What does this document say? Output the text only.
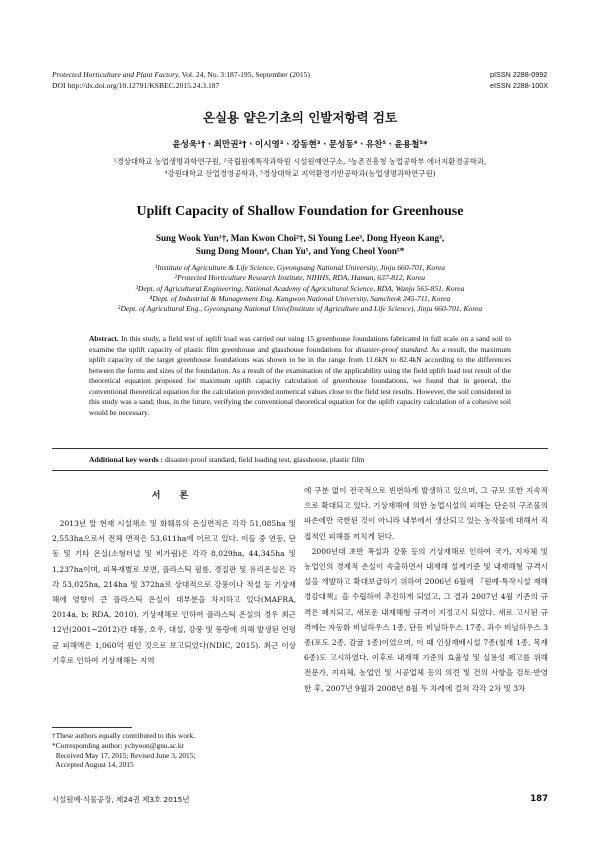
Protected Horticulture and Plant Factory, Vol. 24, No. 3:187-195, September (2015)
DOI http://dx.doi.org/10.12791/KSBEC.2015.24.3.187
pISSN 2288-0992
eISSN 2288-100X
온실용 얕은기초의 인발저항력 검토
윤성욱¹†ㆍ최만권²†ㆍ이시영³ㆍ강동현³ㆍ문성동⁴ㆍ유찬⁵ㆍ윤용철⁵*
¹경상대학교 농업생명과학연구원, ²국립원예특작과학원 시설원예연구소, ³농촌진흥청 농업공학부 에너지환경공학과,
⁴강원대학교 산업경영공학과, ⁵경상대학교 지역환경기반공학과(농업생명과학연구원)
Uplift Capacity of Shallow Foundation for Greenhouse
Sung Wook Yun¹†, Man Kwon Choi²†, Si Young Lee³, Dong Hyeon Kang³,
Sung Dong Moon⁴, Chan Yu⁵, and Yong Cheol Yoon⁵*
¹Institute of Agriculture & Life Science, Gyeongsang National University, Jinju 660-701, Korea
²Protected Horticulture Research Institute, NIHHS, RDA, Haman, 637-812, Korea
³Dept. of Agricultural Engineering, National Academy of Agricultural Science, RDA, Wanju 565-851, Korea
⁴Dept. of Industrial & Management Eng. Kangwon National University, Samcheok 245-711, Korea
⁵Dept. of Agricultural Eng., Gyeongsang National Univ(Institute of Agriculture and Life Science), Jinju 660-701, Korea
Abstract. In this study, a field test of uplift load was carried out using 15 greenhouse foundations fabricated in full scale on a sand soil to examine the uplift capacity of plastic film greenhouse and glasshouse foundations for disaster-proof standard. As a result, the maximum uplift capacity of the target greenhouse foundations was shown to be in the range from 11.6kN to 82.4kN according to the differences between the forms and sizes of the foundation. As a result of the examination of the applicability using the field uplift load test result of the theoretical equation proposed for maximum uplift capacity calculation of greenhouse foundations, we found that in general, the conventional theoretical equation for the calculation provided numerical values close to the field test results. However, the soil considered in this study was a sand; thus, in the future, verifying the conventional theoretical equation for the uplift capacity calculation of a cohesive soil would be necessary.
Additional key words : disaster-proof standard, field loading test, glasshouse, plastic film
서 론

2013년 말 현재 시설채소 및 화훼류의 온실면적은 각각 51,085ha 및 2,553ha으로서 전체 면적은 53,611ha에 이르고 있다. 이들 중 연동, 단동 및 기타 온실(소형터널 및 비가림)은 각각 8,029ha, 44,345ha 및 1,237ha이며, 피복재별로 보면, 플라스틱 필름, 경질판 및 유리온실은 각각 53,025ha, 214ha 및 372ha로 상대적으로 강풍이나 적설 등 기상재해에 영향이 큰 플라스틱 온실이 대부분을 차지하고 있다(MAFRA, 2014a, b; RDA, 2010). 기상재해로 인하여 플라스틱 온실의 경우 최근 12년(2001~2012)간 태풍, 호우, 대설, 강풍 및 풍랑에 의해 발생된 연평균 피해액은 1,060억 원인 것으로 보고되었다(NDIC, 2015). 최근 이상기후로 인하여 기상재해는 지역

에 구분 없이 전국적으로 빈번하게 발생하고 있으며, 그 규모 또한 지속적으로 확대되고 있다. 기상재해에 의한 농업시설의 피해는 단순히 구조물의 파손에만 국한된 것이 아니라 내부에서 생산되고 있는 농작물에 대해서 직접적인 피해를 끼치게 된다.

2000년대 초반 폭설과 강풍 등의 기상재해로 인하여 국가, 지자체 및 농업인의 경제적 손실이 속출하면서 내재해 설계기준 및 내재해형 규격시설을 개발하고 확대보급하기 위하여 2006년 6월에 『원예·특작시설 재해경감대책』을 수립하여 추진하게 되었고, 그 결과 2007년 4월 기존의 규격은 폐지되고, 새로운 내재해형 규격이 지정고시 되었다. 새로 고시된 규격에는 자동화 비닐하우스 1종, 단동 비닐하우스 17종, 과수 비닐하우스 3종(포도 2종, 감귤 1종)이었으며, 이 때 인삼재배시설 7종(철재 1종, 목재 6종)도 고시하였다. 이후로 내재해 기준의 효율성 및 실용성 제고를 위해 전문가, 지자체, 농업인 및 시공업체 등의 의견 및 건의 사항을 검토·반영한 후, 2007년 9월과 2008년 8월 두 차례에 걸쳐 각각 2차 및 3차

†These authors equally contributed to this work.
*Corresponding author: ychyoon@gnu.ac.kr
Received May 17, 2015; Revised June 3, 2015;
Accepted August 14, 2015
시설원예·식물공장, 제24권 제3호 2015년	187
